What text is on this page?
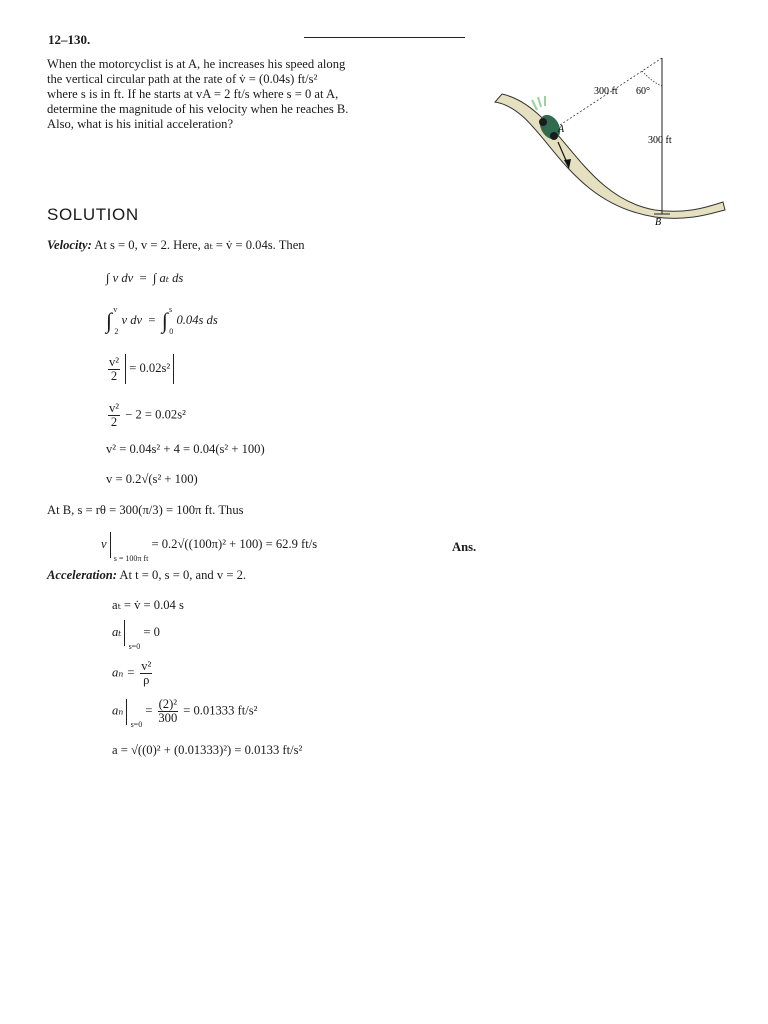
12–130.

When the motorcyclist is at A, he increases his speed along

the vertical circular path at the rate of v̇ = (0.04s) ft/s²

where s is in ft. If he starts at vA = 2 ft/s where s = 0 at A,

determine the magnitude of his velocity when he reaches B.

Also, what is his initial acceleration?

300 ft 60°
300 ft
A
B
SOLUTION
Velocity: At s = 0, v = 2. Here, aₜ = v̇ = 0.04s. Then
∫ v dv  =  ∫ aₜ ds
∫ $^v$ $_2$ v dv  =  ∫ $^s$ $_0$ 0.04s ds
$\frac{\text{v²}}{2} = 0.02s^2$
$\frac{\text{v²}}{2} - 2 = 0.02s^2$
v² = 0.04s² + 4 = 0.04(s² + 100)
v = 0.2√(s² + 100)
At B, s = rθ = 300(π/3) = 100π ft. Thus
v $_{s = 100\pi ft}$ = 0.2√((100π)² + 100) = 62.9 ft/s	Ans.
Acceleration: At t = 0, s = 0, and v = 2.
aₜ = v̇ = 0.04 s
aₜ $_{s=0}$ = 0
$a_n = \frac{\text{v²}}{\rho}$
aₙ $_{s=0} = \frac{\text{(2)²}}{300} = 0.01333$ ft/s²
a = √((0)² + (0.01333)²) = 0.0133 ft/s²
